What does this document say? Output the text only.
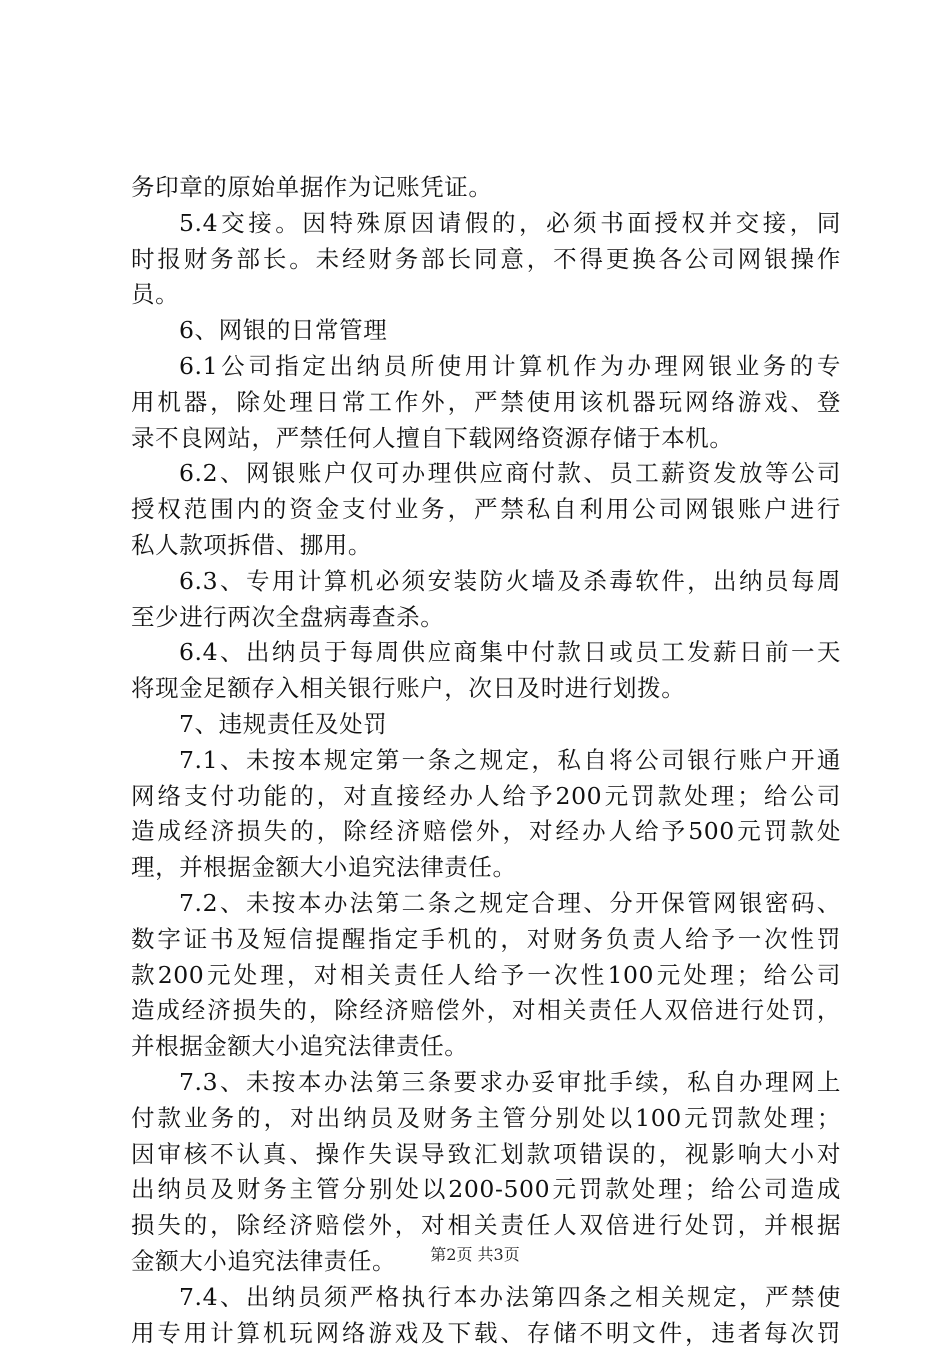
务印章的原始单据作为记账凭证。
5.4交接。因特殊原因请假的，必须书面授权并交接，同
时报财务部长。未经财务部长同意，不得更换各公司网银操作
员。
6、网银的日常管理
6.1公司指定出纳员所使用计算机作为办理网银业务的专
用机器，除处理日常工作外，严禁使用该机器玩网络游戏、登
录不良网站，严禁任何人擅自下载网络资源存储于本机。
6.2、网银账户仅可办理供应商付款、员工薪资发放等公司
授权范围内的资金支付业务，严禁私自利用公司网银账户进行
私人款项拆借、挪用。
6.3、专用计算机必须安装防火墙及杀毒软件，出纳员每周
至少进行两次全盘病毒查杀。
6.4、出纳员于每周供应商集中付款日或员工发薪日前一天
将现金足额存入相关银行账户，次日及时进行划拨。
7、违规责任及处罚
7.1、未按本规定第一条之规定，私自将公司银行账户开通
网络支付功能的，对直接经办人给予200元罚款处理；给公司
造成经济损失的，除经济赔偿外，对经办人给予500元罚款处
理，并根据金额大小追究法律责任。
7.2、未按本办法第二条之规定合理、分开保管网银密码、
数字证书及短信提醒指定手机的，对财务负责人给予一次性罚
款200元处理，对相关责任人给予一次性100元处理；给公司
造成经济损失的，除经济赔偿外，对相关责任人双倍进行处罚，
并根据金额大小追究法律责任。
7.3、未按本办法第三条要求办妥审批手续，私自办理网上
付款业务的，对出纳员及财务主管分别处以100元罚款处理；
因审核不认真、操作失误导致汇划款项错误的，视影响大小对
出纳员及财务主管分别处以200-500元罚款处理；给公司造成
损失的，除经济赔偿外，对相关责任人双倍进行处罚，并根据
金额大小追究法律责任。
7.4、出纳员须严格执行本办法第四条之相关规定，严禁使
用专用计算机玩网络游戏及下载、存储不明文件，违者每次罚
第2页 共3页
